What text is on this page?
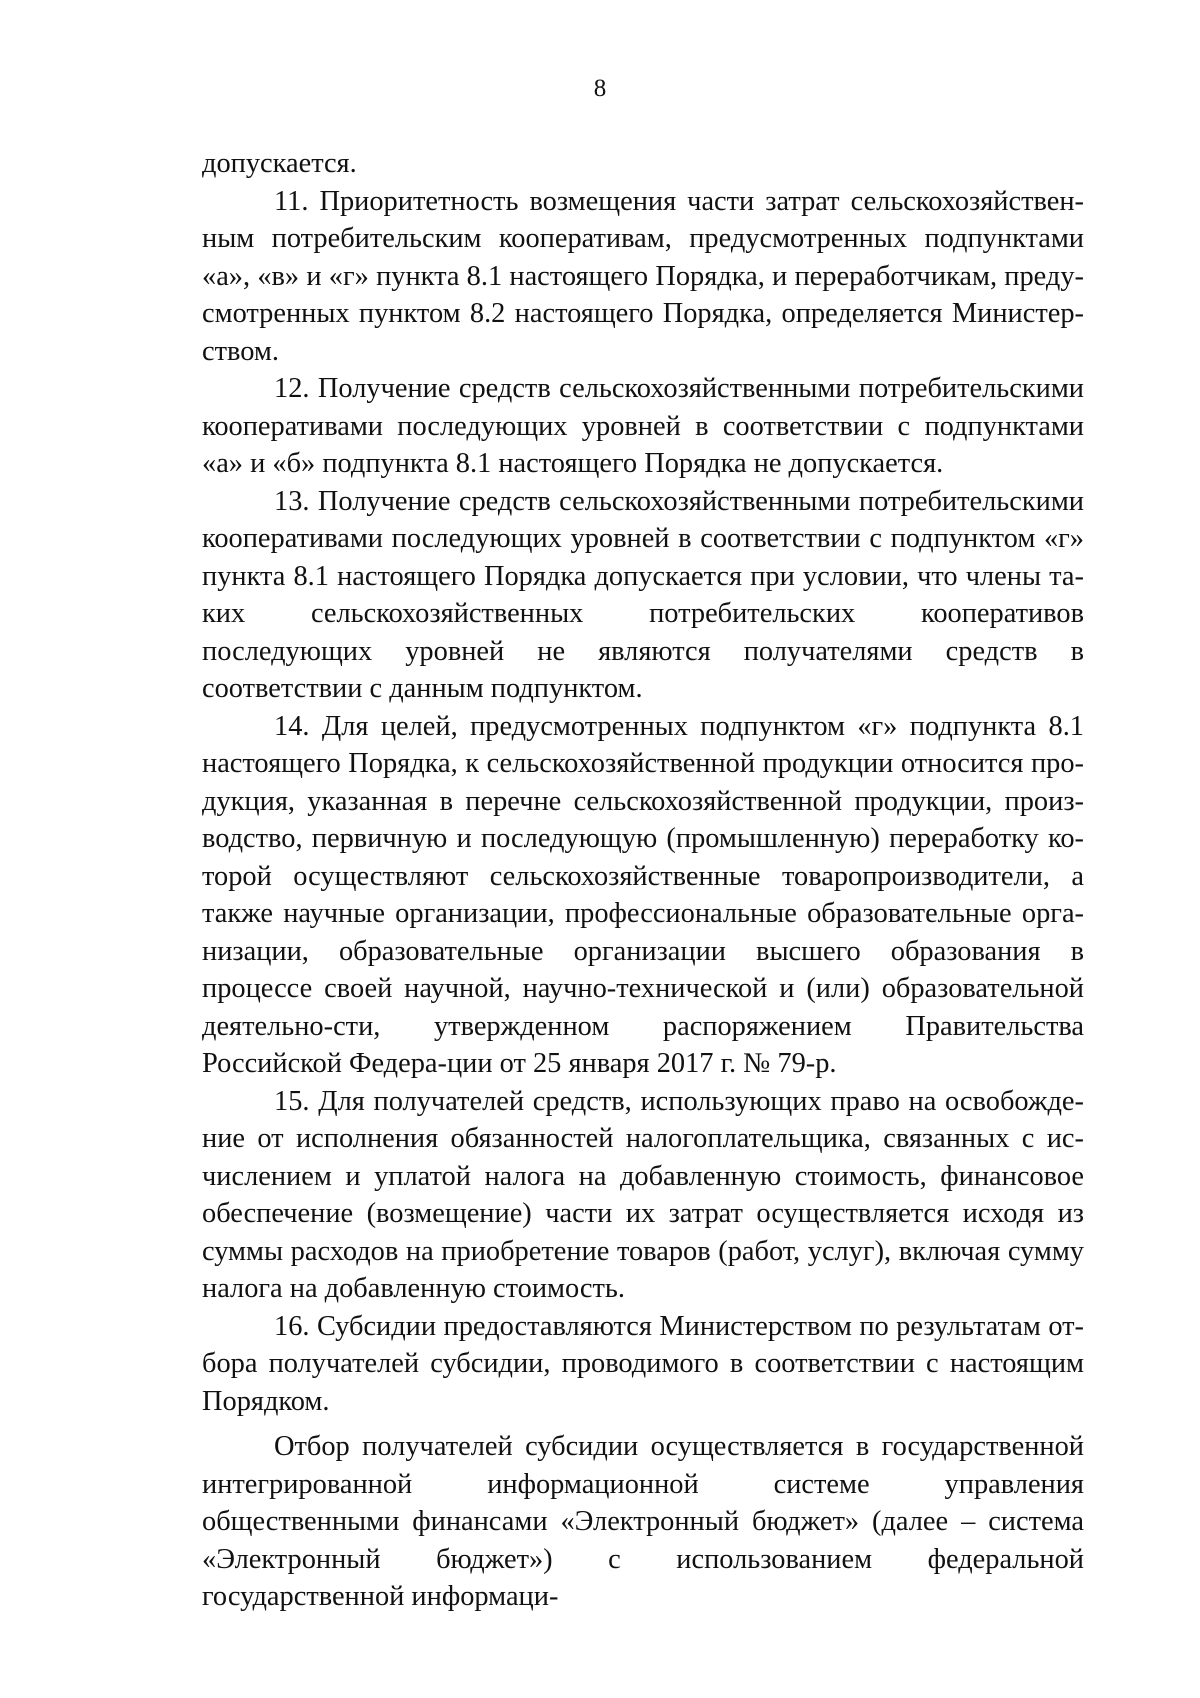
8

допускается.

11. Приоритетность возмещения части затрат сельскохозяйствен-ным потребительским кооперативам, предусмотренных подпунктами «а», «в» и «г» пункта 8.1 настоящего Порядка, и переработчикам, преду-смотренных пунктом 8.2 настоящего Порядка, определяется Министер-ством.

12. Получение средств сельскохозяйственными потребительскими кооперативами последующих уровней в соответствии с подпунктами «а» и «б» подпункта 8.1 настоящего Порядка не допускается.

13. Получение средств сельскохозяйственными потребительскими кооперативами последующих уровней в соответствии с подпунктом «г» пункта 8.1 настоящего Порядка допускается при условии, что члены та-ких сельскохозяйственных потребительских кооперативов последующих уровней не являются получателями средств в соответствии с данным подпунктом.

14. Для целей, предусмотренных подпунктом «г» подпункта 8.1 настоящего Порядка, к сельскохозяйственной продукции относится про-дукция, указанная в перечне сельскохозяйственной продукции, произ-водство, первичную и последующую (промышленную) переработку ко-торой осуществляют сельскохозяйственные товаропроизводители, а также научные организации, профессиональные образовательные орга-низации, образовательные организации высшего образования в процессе своей научной, научно-технической и (или) образовательной деятельно-сти, утвержденном распоряжением Правительства Российской Федера-ции от 25 января 2017 г. № 79-р.

15. Для получателей средств, использующих право на освобожде-ние от исполнения обязанностей налогоплательщика, связанных с ис-числением и уплатой налога на добавленную стоимость, финансовое обеспечение (возмещение) части их затрат осуществляется исходя из суммы расходов на приобретение товаров (работ, услуг), включая сумму налога на добавленную стоимость.

16. Субсидии предоставляются Министерством по результатам от-бора получателей субсидии, проводимого в соответствии с настоящим Порядком.

Отбор получателей субсидии осуществляется в государственной интегрированной информационной системе управления общественными финансами «Электронный бюджет» (далее – система «Электронный бюджет») с использованием федеральной государственной информаци-
